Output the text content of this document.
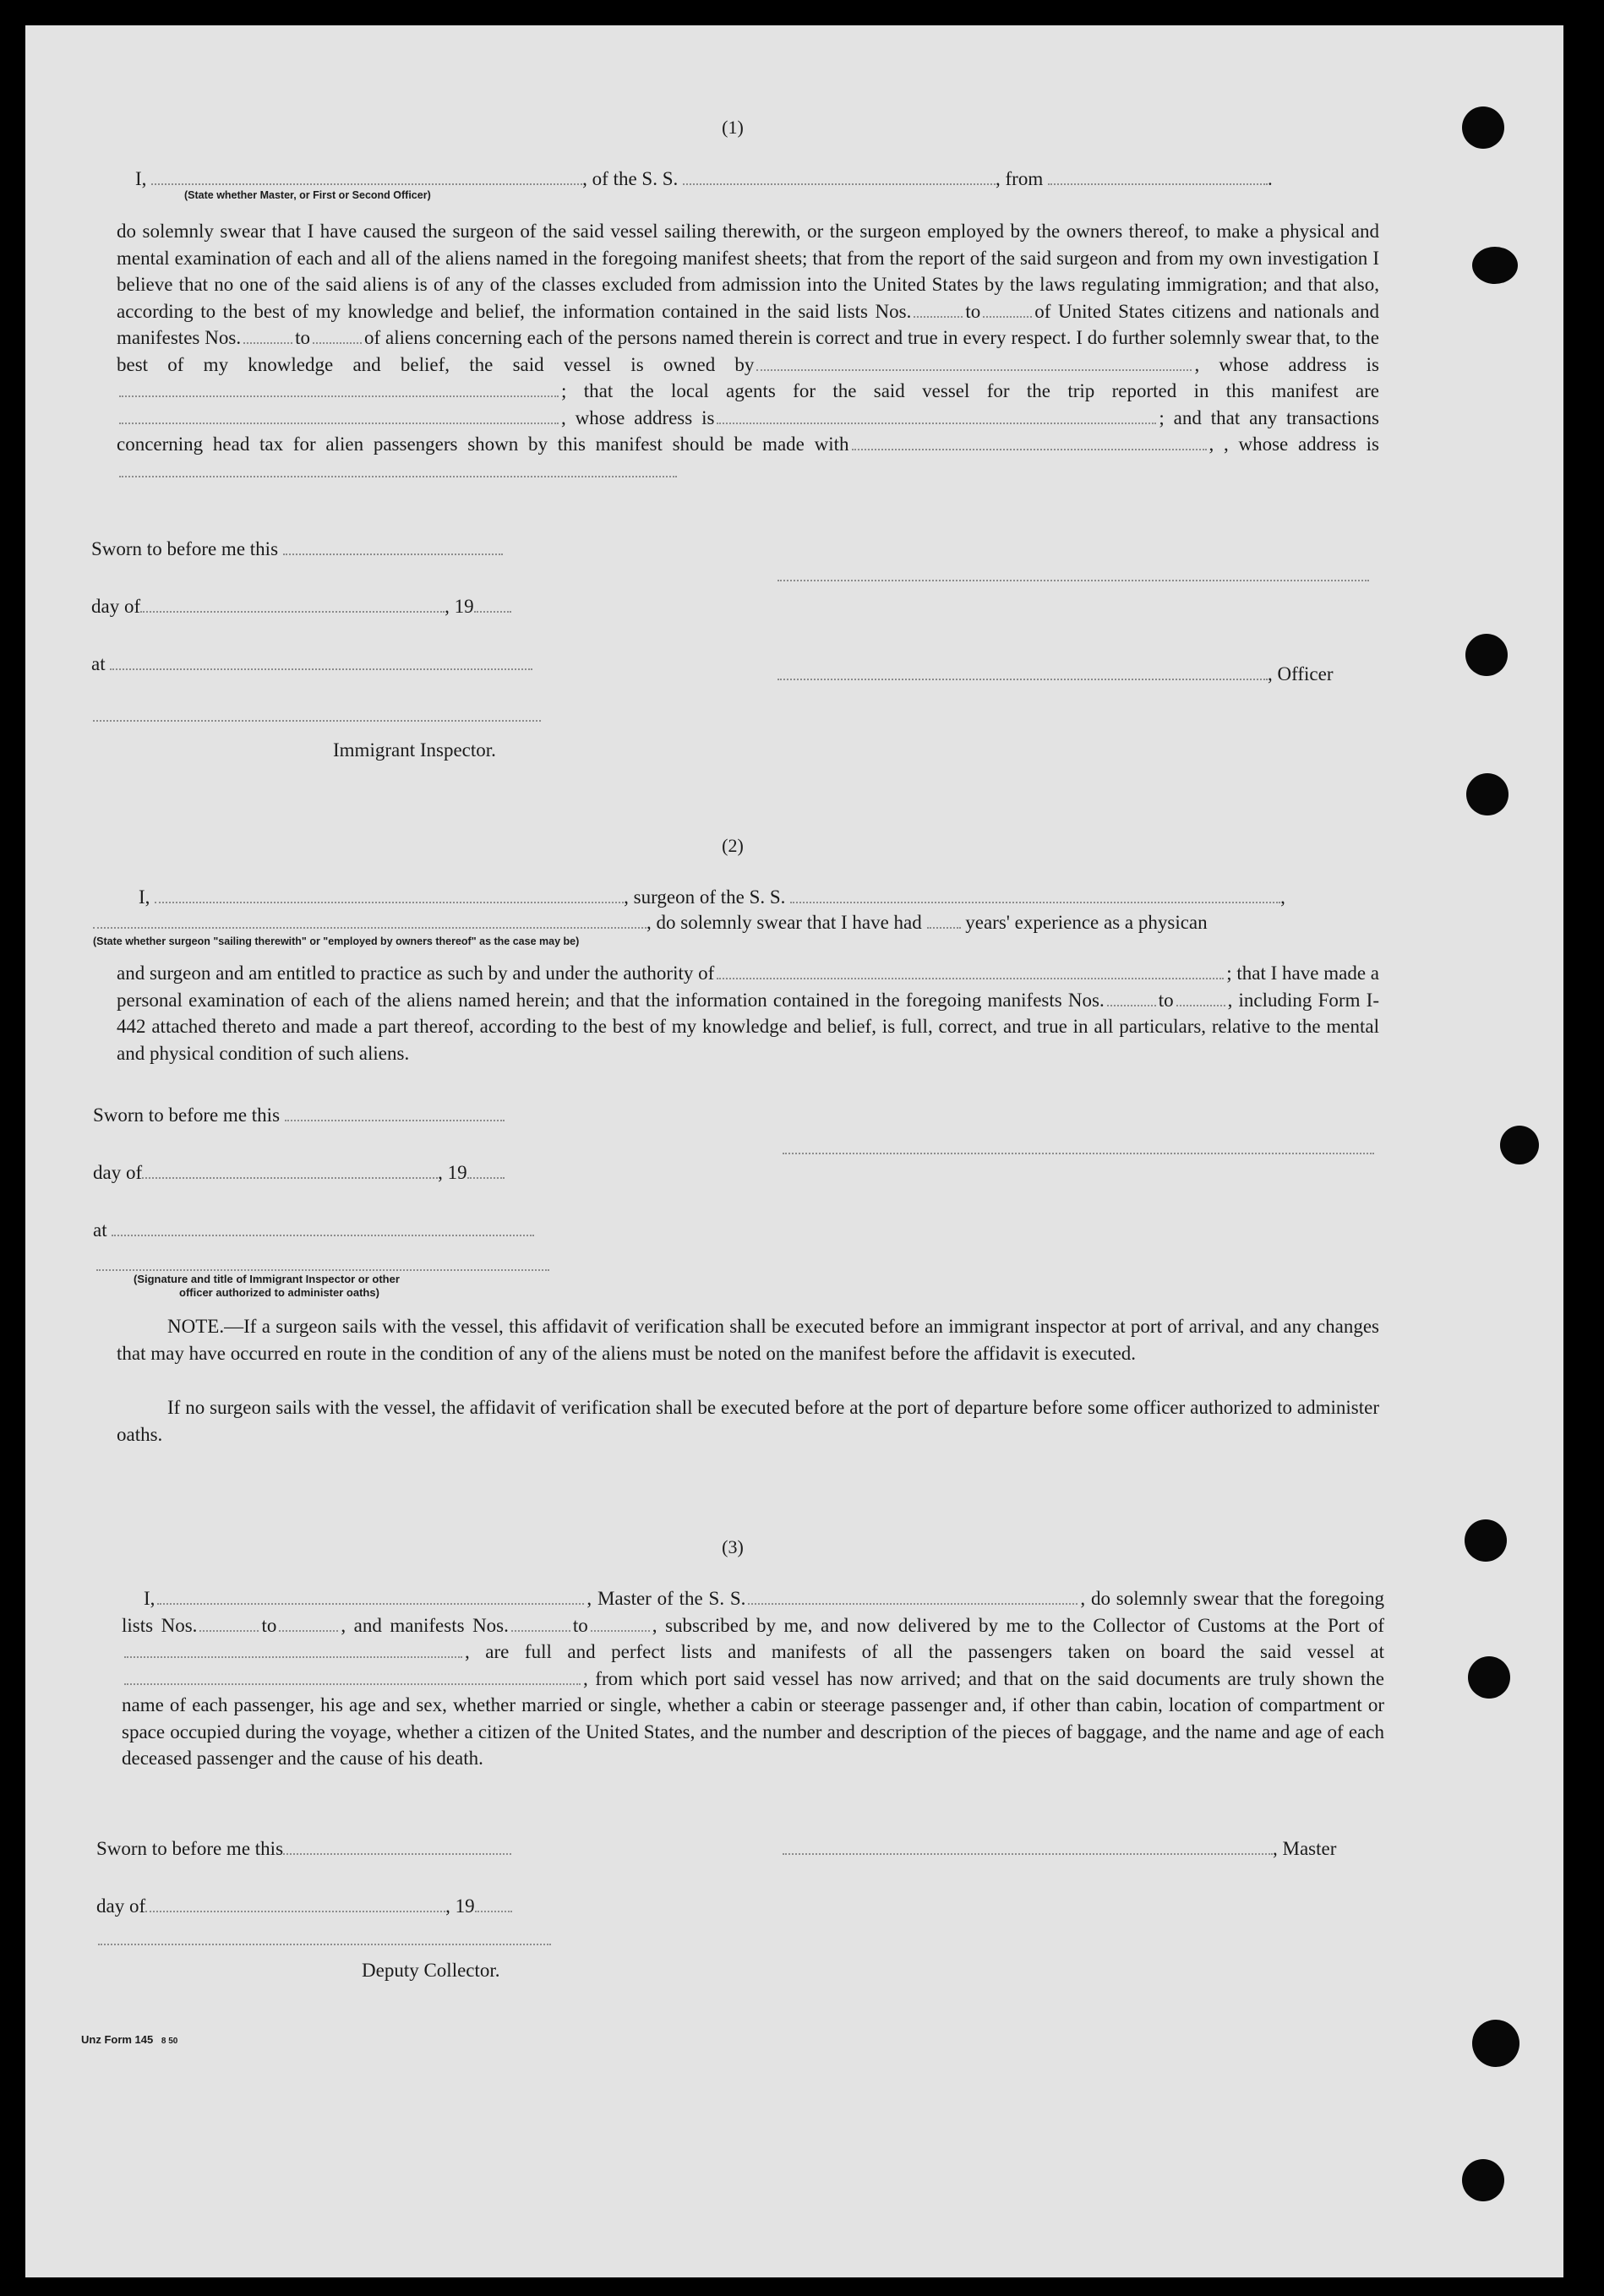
(1)
I,	, of the S. S.	, from	.
(State whether Master, or First or Second Officer)
do solemnly swear that I have caused the surgeon of the said vessel sailing therewith, or the surgeon employed by the owners thereof, to make a physical and mental examination of each and all of the aliens named in the foregoing manifest sheets; that from the report of the said surgeon and from my own investigation I believe that no one of the said aliens is of any of the classes excluded from admission into the United States by the laws regulating immigration; and that also, according to the best of my knowledge and belief, the information contained in the said lists Nos.	to	of United States citizens and nationals and manifestes Nos.	to	of aliens concerning each of the persons named therein is correct and true in every respect. I do further solemnly swear that, to the best of my knowledge and belief, the said vessel is owned by	, whose address is; that the local agents for the said vessel for the trip reported in this manifest are, whose address is	; and that any transactions concerning head tax for alien passengers shown by this manifest should be made with	, , whose address is
Sworn to before me this
day of	, 19
at	, Officer
Immigrant Inspector.
(2)
I,	, surgeon of the S. S.	,
, do solemnly swear that I have had years' experience as a physican
(State whether surgeon "sailing therewith" or "employed by owners thereof" as the case may be)
and surgeon and am entitled to practice as such by and under the authority of	; that I have made a personal examination of each of the aliens named herein; and that the information contained in the foregoing manifests Nos.	to	, including Form I-442 attached thereto and made a part thereof, according to the best of my knowledge and belief, is full, correct, and true in all particulars, relative to the mental and physical condition of such aliens.
Sworn to before me this
day of	, 19
at
(Signature and title of Immigrant Inspector or other
officer authorized to administer oaths)
NOTE.—If a surgeon sails with the vessel, this affidavit of verification shall be executed before an immigrant inspector at port of arrival, and any changes that may have occurred en route in the condition of any of the aliens must be noted on the manifest before the affidavit is executed.
If no surgeon sails with the vessel, the affidavit of verification shall be executed before at the port of departure before some officer authorized to administer oaths.
(3)
I,	, Master of the S. S.	, do solemnly swear that the foregoing lists Nos.	to	, and manifests Nos.	to	, subscribed by me, and now delivered by me to the Collector of Customs at the Port of, are full and perfect lists and manifests of all the passengers taken on board the said vessel at, from which port said vessel has now arrived; and that on the said documents are truly shown the name of each passenger, his age and sex, whether married or single, whether a cabin or steerage passenger and, if other than cabin, location of compartment or space occupied during the voyage, whether a citizen of the United States, and the number and description of the pieces of baggage, and the name and age of each deceased passenger and the cause of his death.
Sworn to before me this	, Master
day of	, 19
Deputy Collector.
Unz Form 145 8 50
